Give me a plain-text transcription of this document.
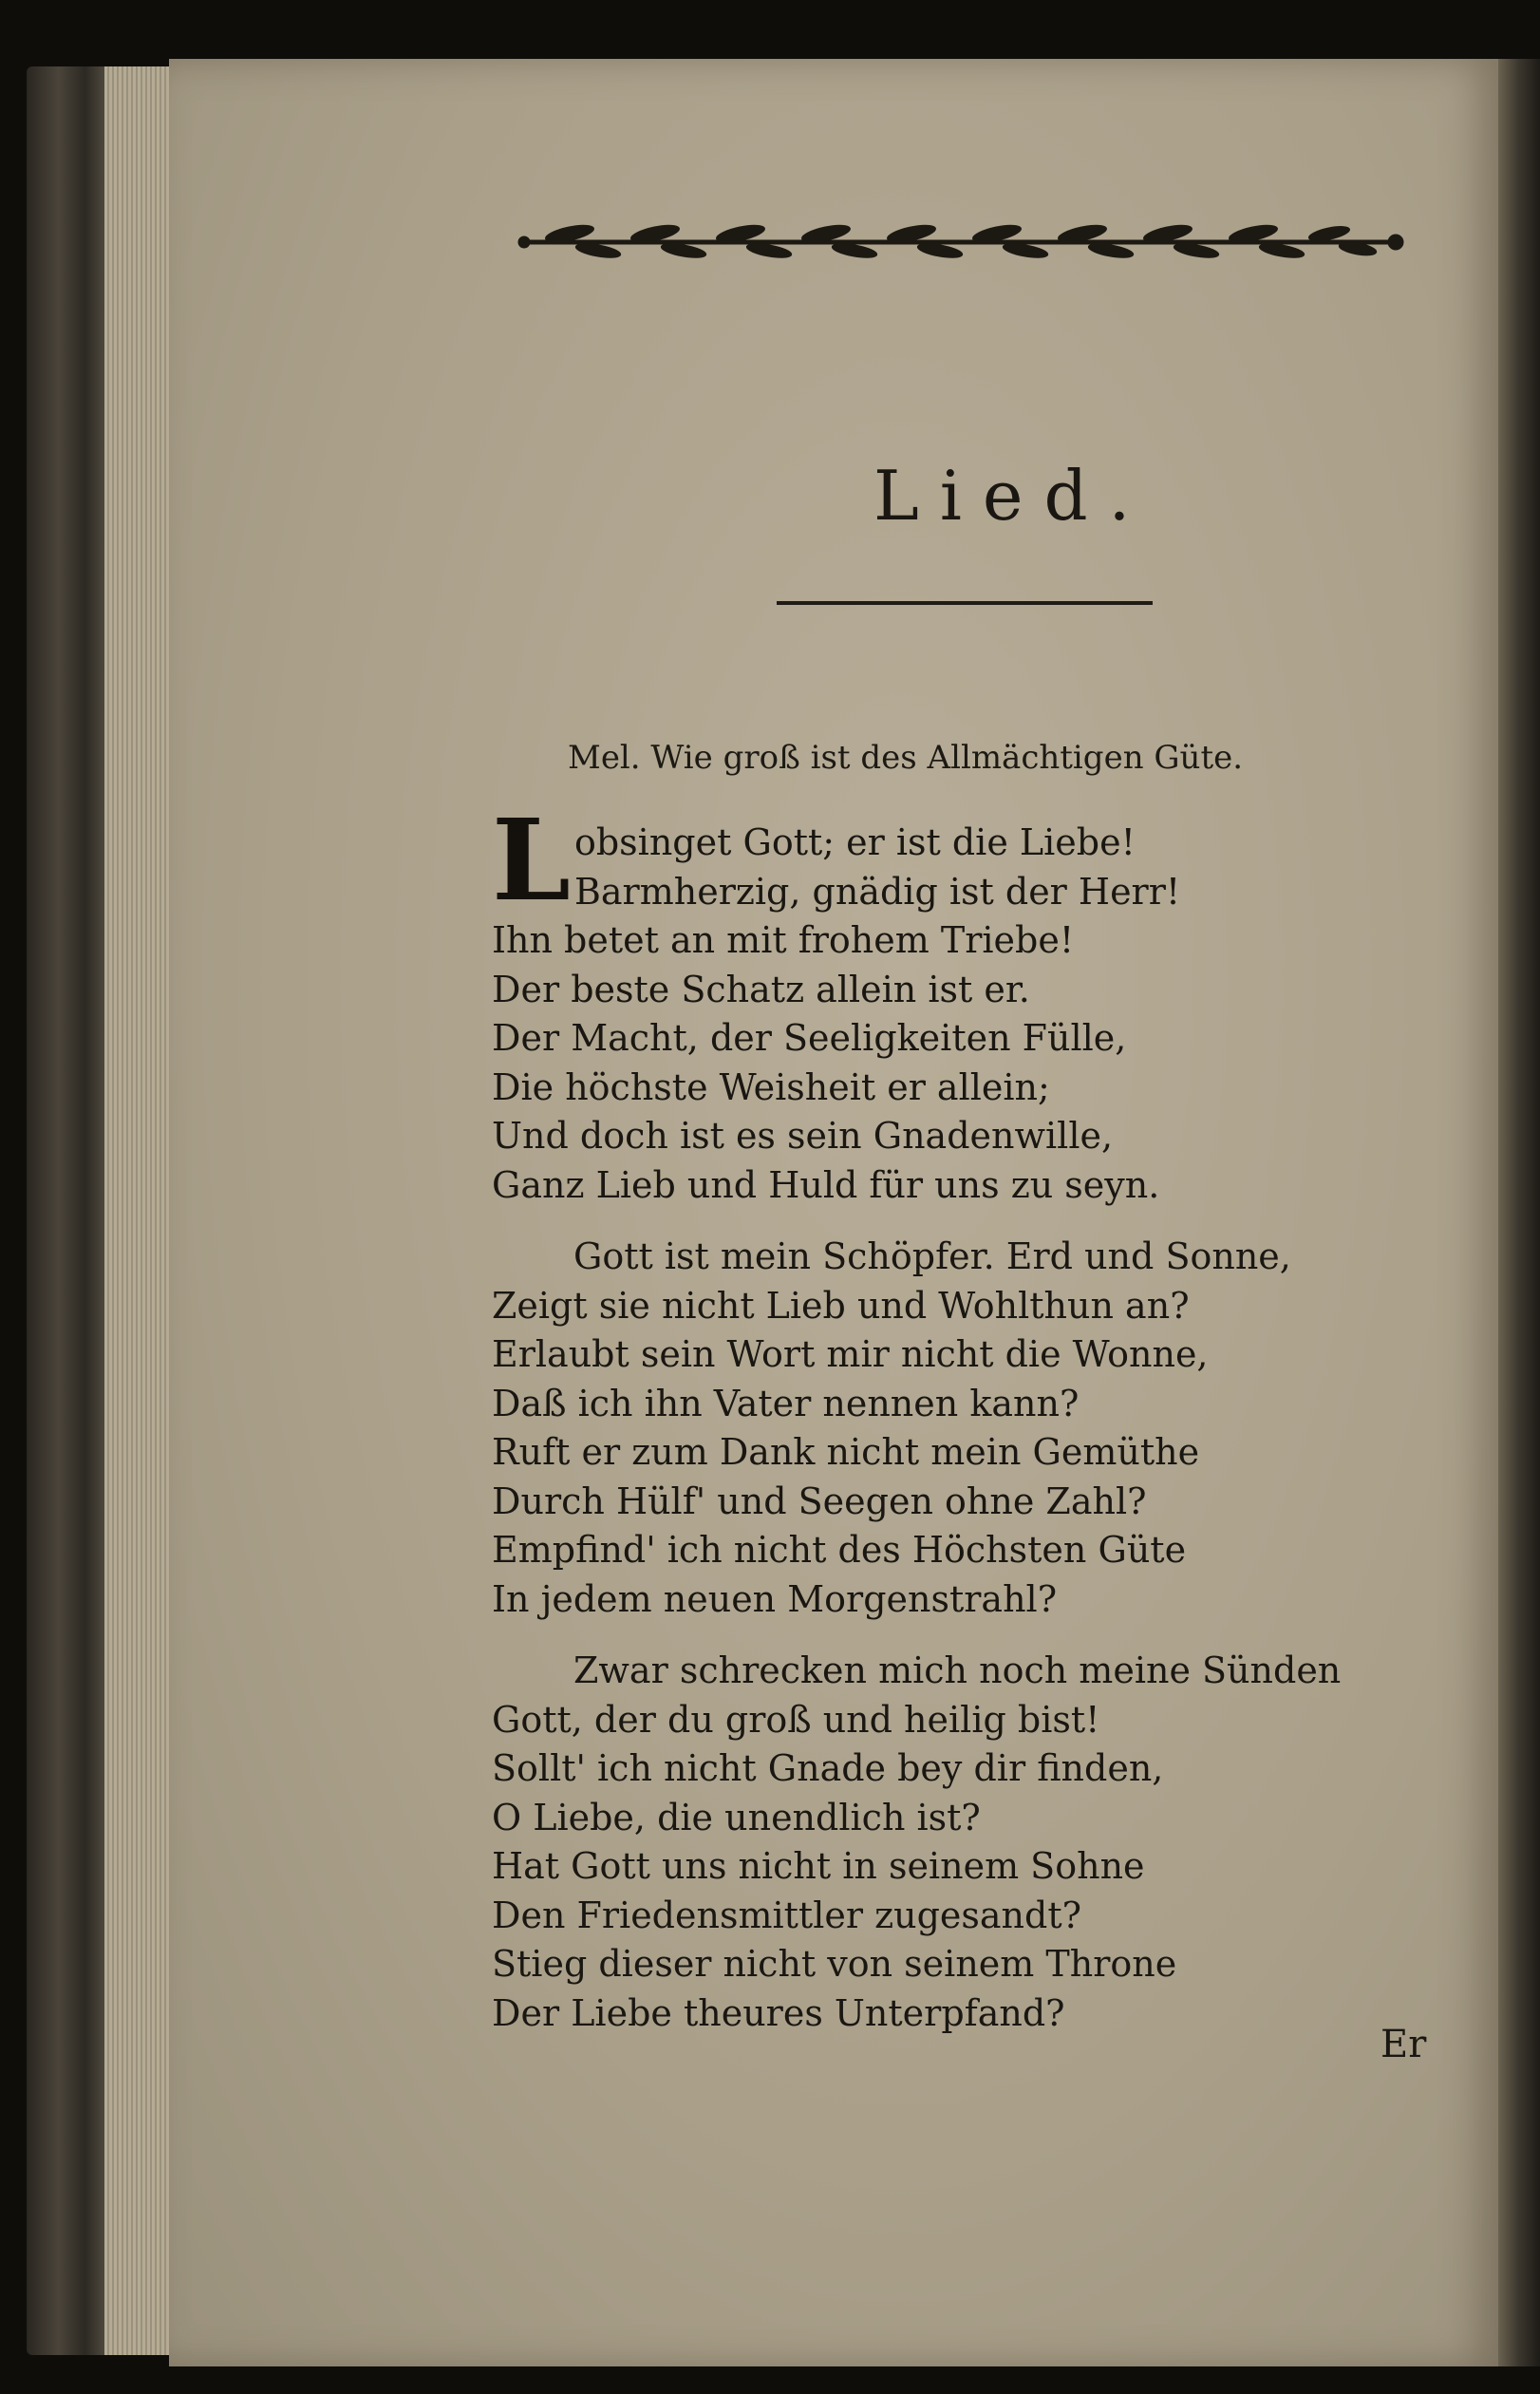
Lied.
Mel. Wie groß ist des Allmächtigen Güte.
L obsinget Gott; er ist die Liebe!
Barmherzig, gnädig ist der Herr!
Ihn betet an mit frohem Triebe!
Der beste Schatz allein ist er.
Der Macht, der Seeligkeiten Fülle,
Die höchste Weisheit er allein;
Und doch ist es sein Gnadenwille,
Ganz Lieb und Huld für uns zu seyn.
Gott ist mein Schöpfer. Erd und Sonne,
Zeigt sie nicht Lieb und Wohlthun an?
Erlaubt sein Wort mir nicht die Wonne,
Daß ich ihn Vater nennen kann?
Ruft er zum Dank nicht mein Gemüthe
Durch Hülf' und Seegen ohne Zahl?
Empfind' ich nicht des Höchsten Güte
In jedem neuen Morgenstrahl?
Zwar schrecken mich noch meine Sünden
Gott, der du groß und heilig bist!
Sollt' ich nicht Gnade bey dir finden,
O Liebe, die unendlich ist?
Hat Gott uns nicht in seinem Sohne
Den Friedensmittler zugesandt?
Stieg dieser nicht von seinem Throne
Der Liebe theures Unterpfand?
Er
